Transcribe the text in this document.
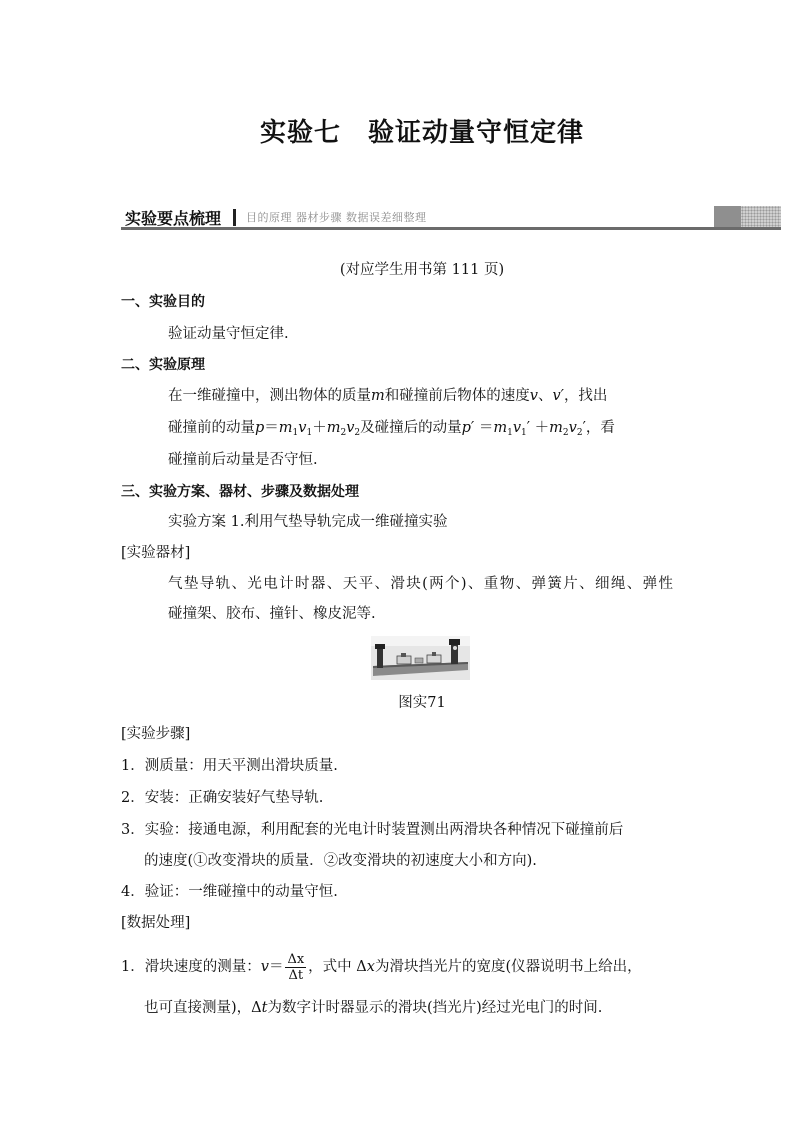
实验七　验证动量守恒定律
实验要点梳理 目的原理 器材步骤 数据误差细整理
(对应学生用书第 111 页)
一、实验目的
验证动量守恒定律.
二、实验原理
在一维碰撞中，测出物体的质量m和碰撞前后物体的速度v、v′，找出
碰撞前的动量$p=m_1v_1+m_2v_2$及碰撞后的动量$p' =m_1v_1' +m_2v_2'$，看
碰撞前后动量是否守恒.
三、实验方案、器材、步骤及数据处理
实验方案 1.利用气垫导轨完成一维碰撞实验
[实验器材]
气垫导轨、光电计时器、天平、滑块(两个)、重物、弹簧片、细绳、弹性
碰撞架、胶布、撞针、橡皮泥等.
图实71
[实验步骤]
1．测质量：用天平测出滑块质量.
2．安装：正确安装好气垫导轨.
3．实验：接通电源，利用配套的光电计时装置测出两滑块各种情况下碰撞前后
的速度(①改变滑块的质量．②改变滑块的初速度大小和方向).
4．验证：一维碰撞中的动量守恒.
[数据处理]
1．滑块速度的测量：$v= \frac{\Delta x}{\Delta t}$ ，式中 Δx为滑块挡光片的宽度(仪器说明书上给出，
也可直接测量)，Δt为数字计时器显示的滑块(挡光片)经过光电门的时间.
